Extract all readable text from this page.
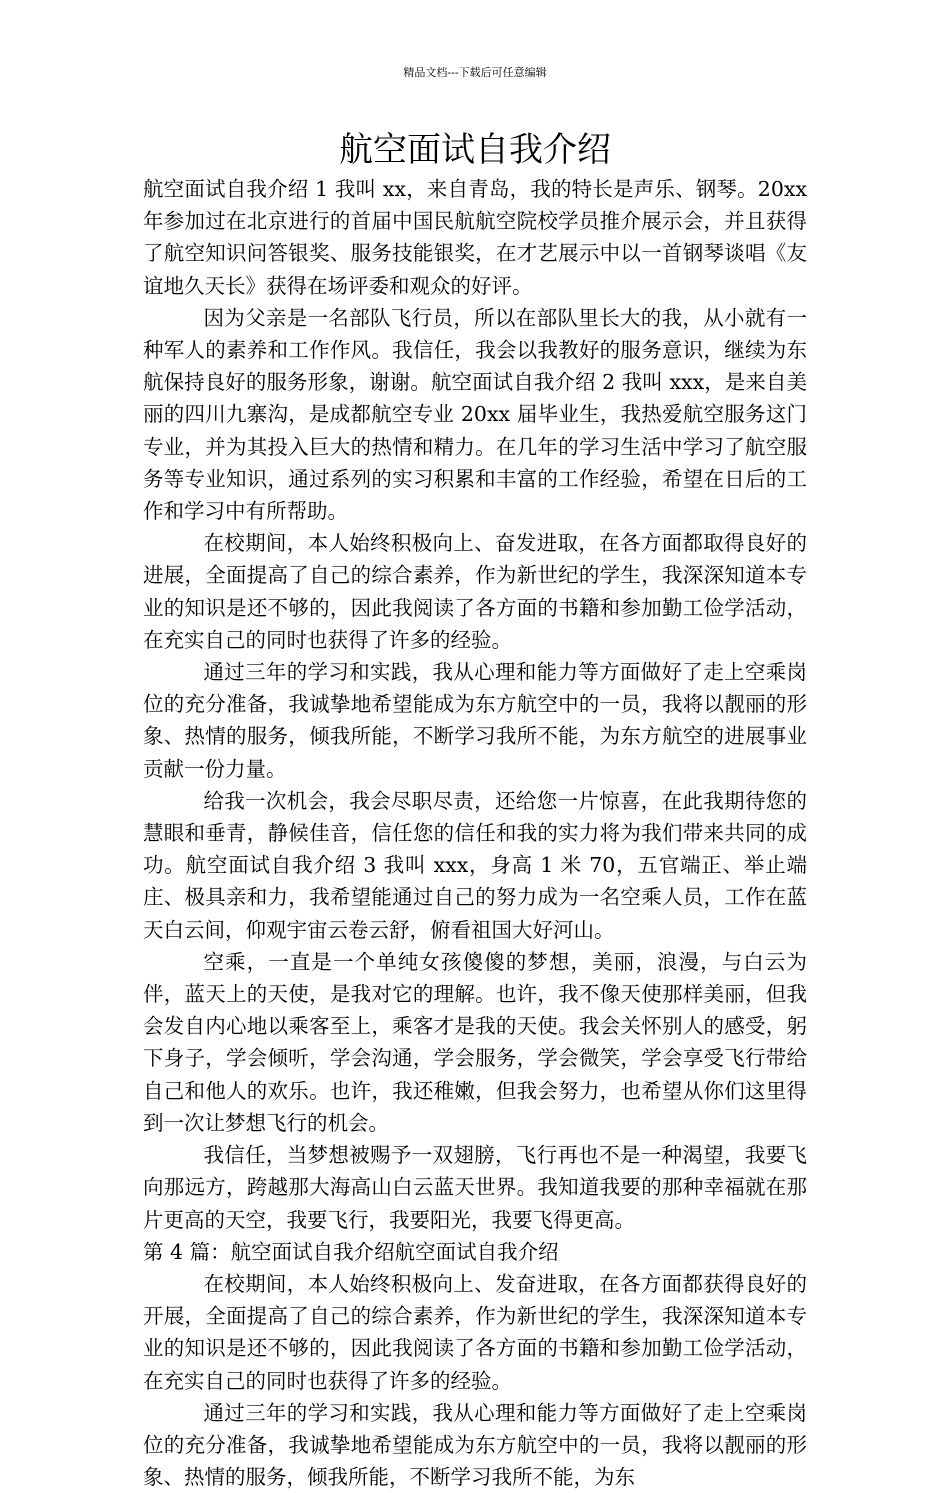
精品文档---下载后可任意编辑
航空面试自我介绍

航空面试自我介绍 1 我叫 xx，来自青岛，我的特长是声乐、钢琴。20xx 年参加过在北京进行的首届中国民航航空院校学员推介展示会，并且获得了航空知识问答银奖、服务技能银奖，在才艺展示中以一首钢琴谈唱《友谊地久天长》获得在场评委和观众的好评。

因为父亲是一名部队飞行员，所以在部队里长大的我，从小就有一种军人的素养和工作作风。我信任，我会以我教好的服务意识，继续为东航保持良好的服务形象，谢谢。航空面试自我介绍 2 我叫 xxx，是来自美丽的四川九寨沟，是成都航空专业 20xx 届毕业生，我热爱航空服务这门专业，并为其投入巨大的热情和精力。在几年的学习生活中学习了航空服务等专业知识，通过系列的实习积累和丰富的工作经验，希望在日后的工作和学习中有所帮助。

在校期间，本人始终积极向上、奋发进取，在各方面都取得良好的进展，全面提高了自己的综合素养，作为新世纪的学生，我深深知道本专业的知识是还不够的，因此我阅读了各方面的书籍和参加勤工俭学活动，在充实自己的同时也获得了许多的经验。

通过三年的学习和实践，我从心理和能力等方面做好了走上空乘岗位的充分准备，我诚挚地希望能成为东方航空中的一员，我将以靓丽的形象、热情的服务，倾我所能，不断学习我所不能，为东方航空的进展事业贡献一份力量。

给我一次机会，我会尽职尽责，还给您一片惊喜，在此我期待您的慧眼和垂青，静候佳音，信任您的信任和我的实力将为我们带来共同的成功。航空面试自我介绍 3 我叫 xxx，身高 1 米 70，五官端正、举止端庄、极具亲和力，我希望能通过自己的努力成为一名空乘人员，工作在蓝天白云间，仰观宇宙云卷云舒，俯看祖国大好河山。

空乘，一直是一个单纯女孩傻傻的梦想，美丽，浪漫，与白云为伴，蓝天上的天使，是我对它的理解。也许，我不像天使那样美丽，但我会发自内心地以乘客至上，乘客才是我的天使。我会关怀别人的感受，躬下身子，学会倾听，学会沟通，学会服务，学会微笑，学会享受飞行带给自己和他人的欢乐。也许，我还稚嫩，但我会努力，也希望从你们这里得到一次让梦想飞行的机会。

我信任，当梦想被赐予一双翅膀，飞行再也不是一种渴望，我要飞向那远方，跨越那大海高山白云蓝天世界。我知道我要的那种幸福就在那片更高的天空，我要飞行，我要阳光，我要飞得更高。

第 4 篇：航空面试自我介绍航空面试自我介绍

在校期间，本人始终积极向上、发奋进取，在各方面都获得良好的开展，全面提高了自己的综合素养，作为新世纪的学生，我深深知道本专业的知识是还不够的，因此我阅读了各方面的书籍和参加勤工俭学活动，在充实自己的同时也获得了许多的经验。

通过三年的学习和实践，我从心理和能力等方面做好了走上空乘岗位的充分准备，我诚挚地希望能成为东方航空中的一员，我将以靓丽的形象、热情的服务，倾我所能，不断学习我所不能，为东
